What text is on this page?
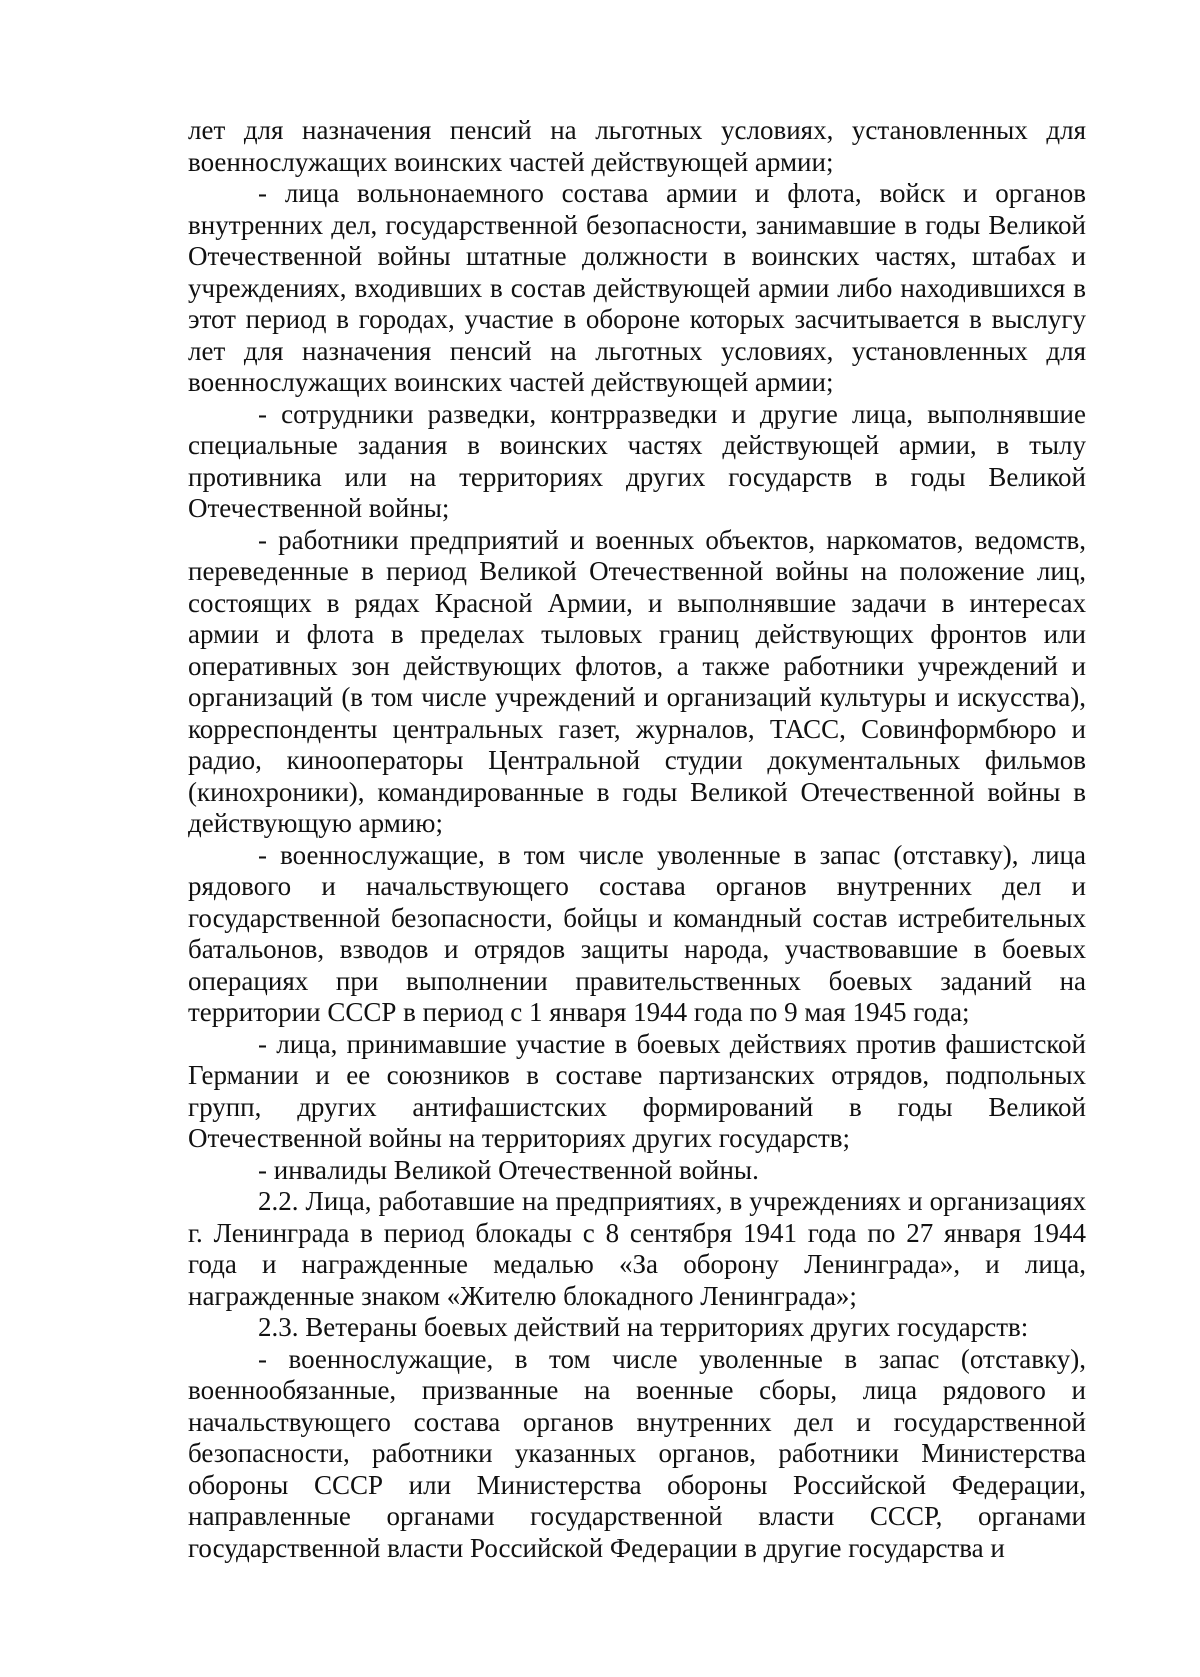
лет для назначения пенсий на льготных условиях, установленных для военнослужащих воинских частей действующей армии;

- лица вольнонаемного состава армии и флота, войск и органов внутренних дел, государственной безопасности, занимавшие в годы Великой Отечественной войны штатные должности в воинских частях, штабах и учреждениях, входивших в состав действующей армии либо находившихся в этот период в городах, участие в обороне которых засчитывается в выслугу лет для назначения пенсий на льготных условиях, установленных для военнослужащих воинских частей действующей армии;

- сотрудники разведки, контрразведки и другие лица, выполнявшие специальные задания в воинских частях действующей армии, в тылу противника или на территориях других государств в годы Великой Отечественной войны;

- работники предприятий и военных объектов, наркоматов, ведомств, переведенные в период Великой Отечественной войны на положение лиц, состоящих в рядах Красной Армии, и выполнявшие задачи в интересах армии и флота в пределах тыловых границ действующих фронтов или оперативных зон действующих флотов, а также работники учреждений и организаций (в том числе учреждений и организаций культуры и искусства), корреспонденты центральных газет, журналов, ТАСС, Совинформбюро и радио, кинооператоры Центральной студии документальных фильмов (кинохроники), командированные в годы Великой Отечественной войны в действующую армию;

- военнослужащие, в том числе уволенные в запас (отставку), лица рядового и начальствующего состава органов внутренних дел и государственной безопасности, бойцы и командный состав истребительных батальонов, взводов и отрядов защиты народа, участвовавшие в боевых операциях при выполнении правительственных боевых заданий на территории СССР в период с 1 января 1944 года по 9 мая 1945 года;

- лица, принимавшие участие в боевых действиях против фашистской Германии и ее союзников в составе партизанских отрядов, подпольных групп, других антифашистских формирований в годы Великой Отечественной войны на территориях других государств;

- инвалиды Великой Отечественной войны.

2.2. Лица, работавшие на предприятиях, в учреждениях и организациях г. Ленинграда в период блокады с 8 сентября 1941 года по 27 января 1944 года и награжденные медалью «За оборону Ленинграда», и лица, награжденные знаком «Жителю блокадного Ленинграда»;

2.3. Ветераны боевых действий на территориях других государств:

- военнослужащие, в том числе уволенные в запас (отставку), военнообязанные, призванные на военные сборы, лица рядового и начальствующего состава органов внутренних дел и государственной безопасности, работники указанных органов, работники Министерства обороны СССР или Министерства обороны Российской Федерации, направленные органами государственной власти СССР, органами государственной власти Российской Федерации в другие государства и
